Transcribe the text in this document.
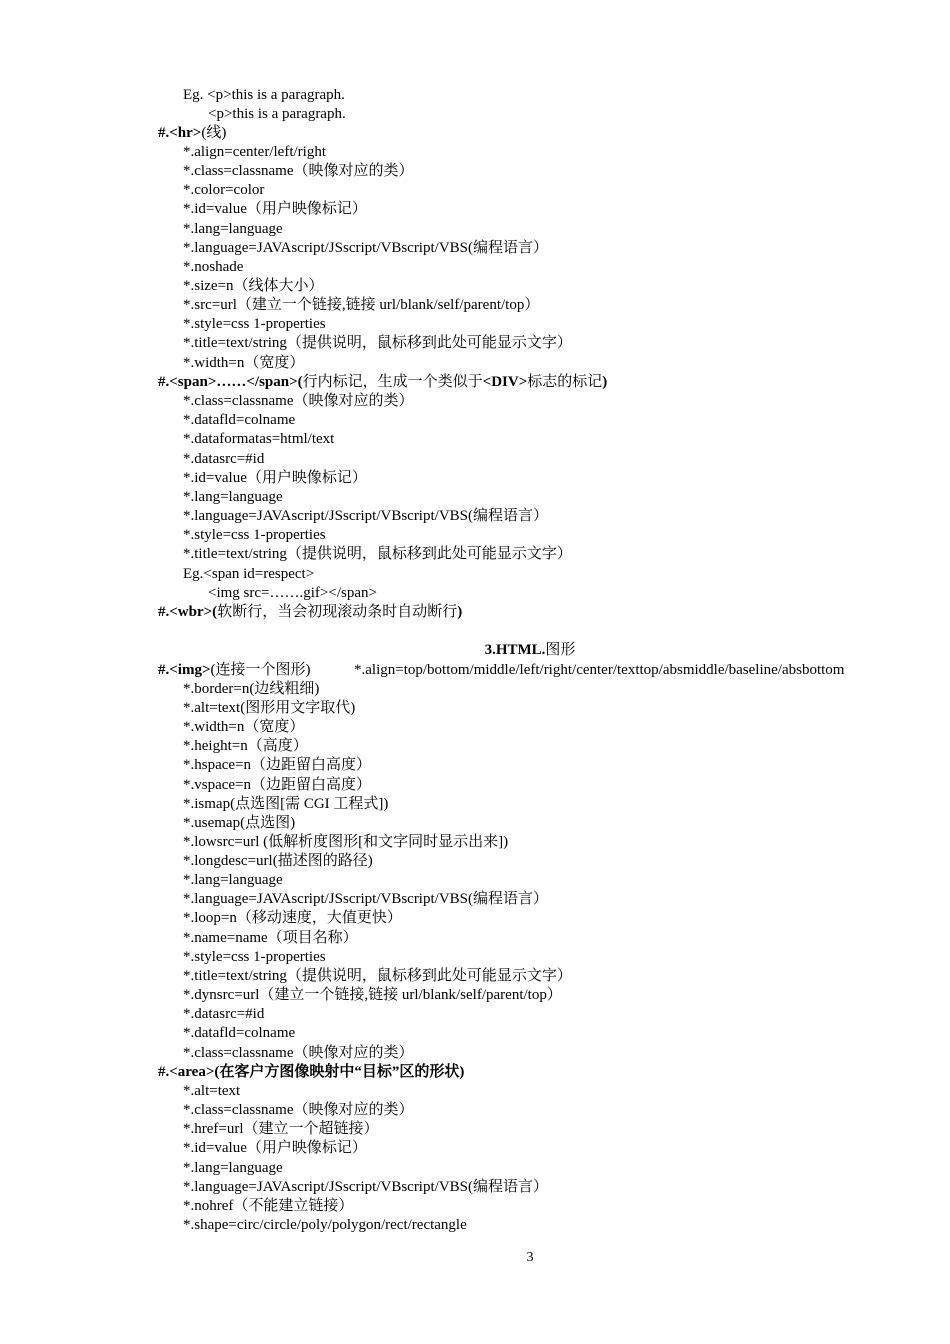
Eg. <p>this is a paragraph.
<p>this is a paragraph.
#.<hr>(线)
*.align=center/left/right
*.class=classname（映像对应的类）
*.color=color
*.id=value（用户映像标记）
*.lang=language
*.language=JAVAscript/JSscript/VBscript/VBS(编程语言）
*.noshade
*.size=n（线体大小）
*.src=url（建立一个链接,链接 url/blank/self/parent/top）
*.style=css 1-properties
*.title=text/string（提供说明，鼠标移到此处可能显示文字）
*.width=n（宽度）
#.<span>……</span>(行内标记，生成一个类似于<DIV>标志的标记)
*.class=classname（映像对应的类）
*.datafld=colname
*.dataformatas=html/text
*.datasrc=#id
*.id=value（用户映像标记）
*.lang=language
*.language=JAVAscript/JSscript/VBscript/VBS(编程语言）
*.style=css 1-properties
*.title=text/string（提供说明，鼠标移到此处可能显示文字）
Eg.<span id=respect>
<img src=…….gif></span>
#.<wbr>(软断行，当会初现滚动条时自动断行)
3.HTML.图形
#.<img>(连接一个图形)	*.align=top/bottom/middle/left/right/center/texttop/absmiddle/baseline/absbottom
*.border=n(边线粗细)
*.alt=text(图形用文字取代)
*.width=n（宽度）
*.height=n（高度）
*.hspace=n（边距留白高度）
*.vspace=n（边距留白高度）
*.ismap(点选图[需 CGI 工程式])
*.usemap(点选图)
*.lowsrc=url (低解析度图形[和文字同时显示出来])
*.longdesc=url(描述图的路径)
*.lang=language
*.language=JAVAscript/JSscript/VBscript/VBS(编程语言）
*.loop=n（移动速度，大值更快）
*.name=name（项目名称）
*.style=css 1-properties
*.title=text/string（提供说明，鼠标移到此处可能显示文字）
*.dynsrc=url（建立一个链接,链接 url/blank/self/parent/top）
*.datasrc=#id
*.datafld=colname
*.class=classname（映像对应的类）
#.<area>(在客户方图像映射中“目标”区的形状)
*.alt=text
*.class=classname（映像对应的类）
*.href=url（建立一个超链接）
*.id=value（用户映像标记）
*.lang=language
*.language=JAVAscript/JSscript/VBscript/VBS(编程语言）
*.nohref（不能建立链接）
*.shape=circ/circle/poly/polygon/rect/rectangle
3
